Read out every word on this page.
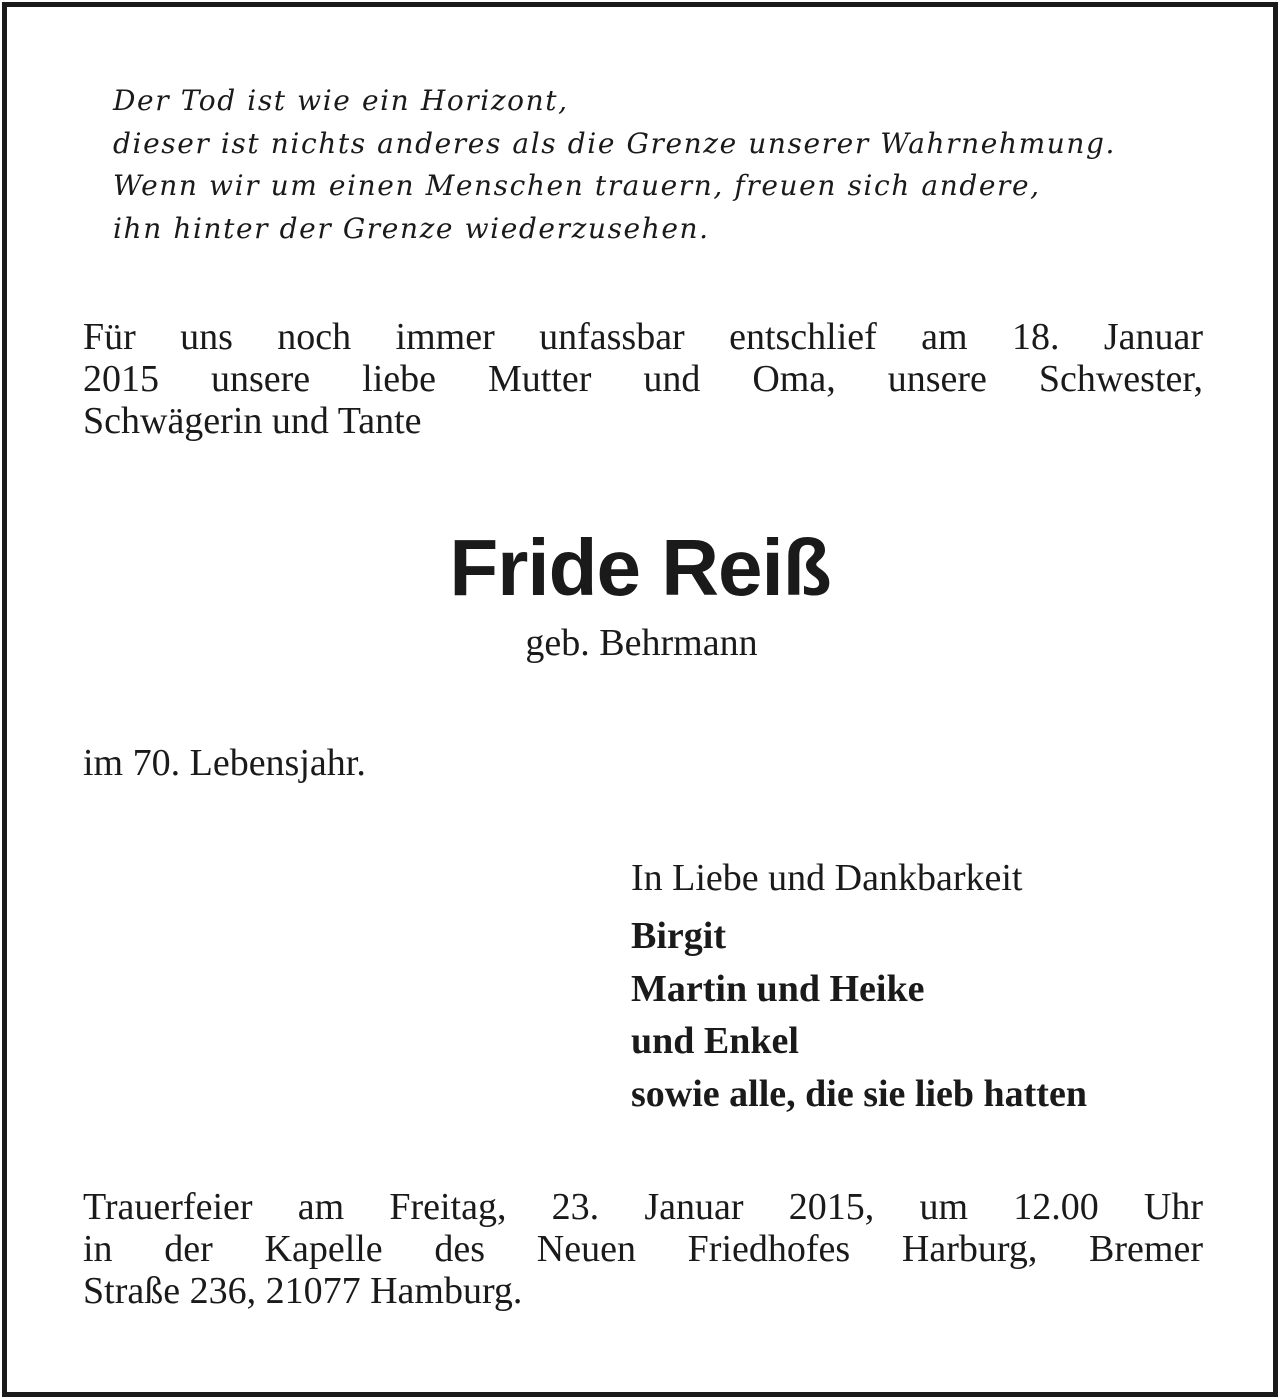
Der Tod ist wie ein Horizont,
dieser ist nichts anderes als die Grenze unserer Wahrnehmung.
Wenn wir um einen Menschen trauern, freuen sich andere,
ihn hinter der Grenze wiederzusehen.
Für uns noch immer unfassbar entschlief am 18. Januar
2015 unsere liebe Mutter und Oma, unsere Schwester,
Schwägerin und Tante
Fride Reiß
geb. Behrmann
im 70. Lebensjahr.
In Liebe und Dankbarkeit
Birgit
Martin und Heike
und Enkel
sowie alle, die sie lieb hatten
Trauerfeier am Freitag, 23. Januar 2015, um 12.00 Uhr
in der Kapelle des Neuen Friedhofes Harburg, Bremer
Straße 236, 21077 Hamburg.
